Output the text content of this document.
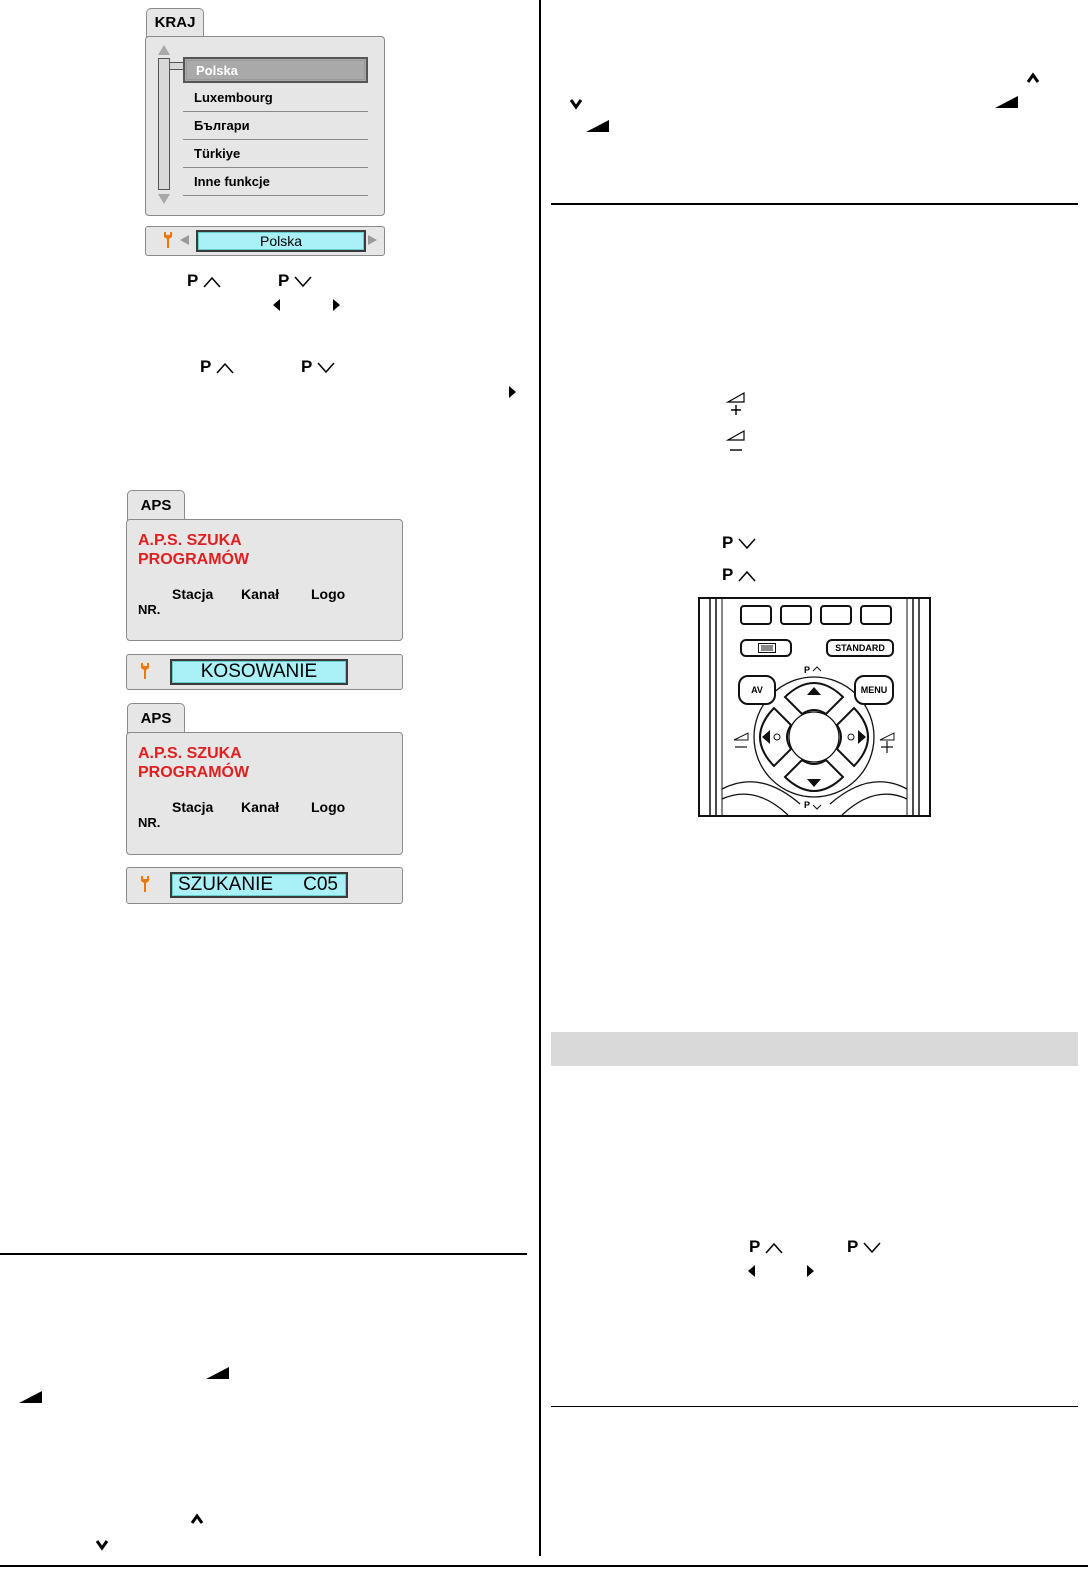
KRAJ
Polska
Luxembourg
Българи
Türkiye
Inne funkcje
Polska
P	P
P	P
APS
A.P.S. SZUKA
PROGRAMÓW
Stacja Kanał Logo
NR.
KOSOWANIE
APS
A.P.S. SZUKA
PROGRAMÓW
Stacja Kanał Logo
NR.
SZUKANIE C05
P
P
STANDARD
AV	MENU
P
P
P	P
